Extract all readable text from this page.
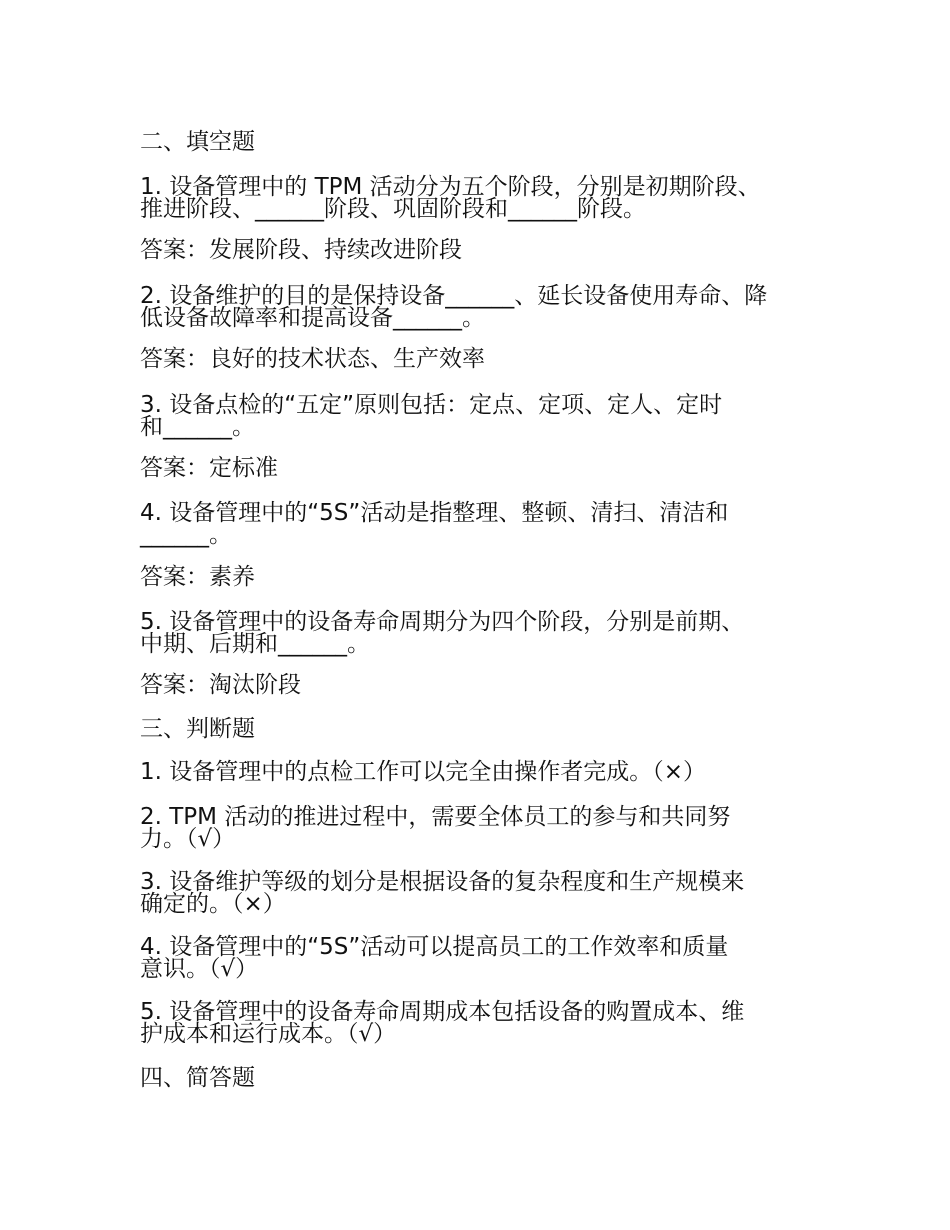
二、填空题

1. 设备管理中的 TPM 活动分为五个阶段，分别是初期阶段、

推进阶段、______阶段、巩固阶段和______阶段。

答案：发展阶段、持续改进阶段

2. 设备维护的目的是保持设备______、延长设备使用寿命、降

低设备故障率和提高设备______。

答案：良好的技术状态、生产效率

3. 设备点检的“五定”原则包括：定点、定项、定人、定时

和______。

答案：定标准

4. 设备管理中的“5S”活动是指整理、整顿、清扫、清洁和

______。

答案：素养

5. 设备管理中的设备寿命周期分为四个阶段，分别是前期、

中期、后期和______。

答案：淘汰阶段

三、判断题

1. 设备管理中的点检工作可以完全由操作者完成。（×）

2. TPM 活动的推进过程中，需要全体员工的参与和共同努

力。（√）

3. 设备维护等级的划分是根据设备的复杂程度和生产规模来

确定的。（×）

4. 设备管理中的“5S”活动可以提高员工的工作效率和质量

意识。（√）

5. 设备管理中的设备寿命周期成本包括设备的购置成本、维

护成本和运行成本。（√）

四、简答题
